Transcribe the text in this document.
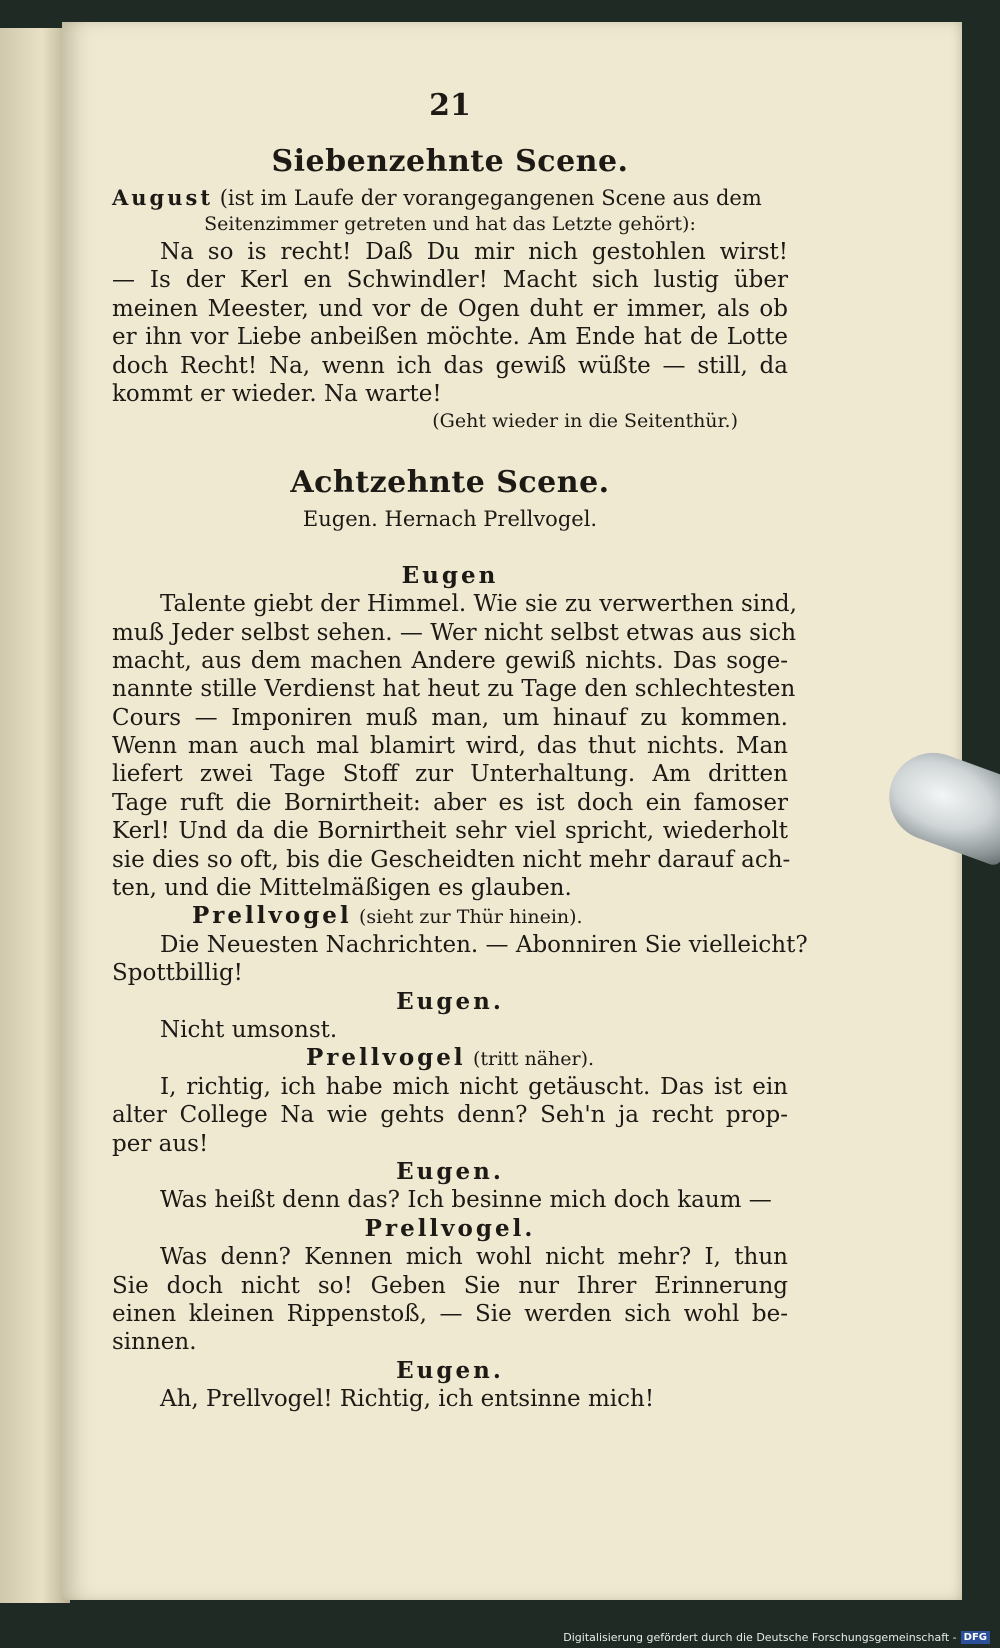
21
Siebenzehnte Scene.
August (ist im Laufe der vorangegangenen Scene aus dem
Seitenzimmer getreten und hat das Letzte gehört):
Na so is recht! Daß Du mir nich gestohlen wirst!
— Is der Kerl en Schwindler! Macht sich lustig über
meinen Meester, und vor de Ogen duht er immer, als ob
er ihn vor Liebe anbeißen möchte. Am Ende hat de Lotte
doch Recht! Na, wenn ich das gewiß wüßte — still, da
kommt er wieder. Na warte!
(Geht wieder in die Seitenthür.)
Achtzehnte Scene.
Eugen. Hernach Prellvogel.
Eugen
Talente giebt der Himmel. Wie sie zu verwerthen sind,
muß Jeder selbst sehen. — Wer nicht selbst etwas aus sich
macht, aus dem machen Andere gewiß nichts. Das soge-
nannte stille Verdienst hat heut zu Tage den schlechtesten
Cours — Imponiren muß man, um hinauf zu kommen.
Wenn man auch mal blamirt wird, das thut nichts. Man
liefert zwei Tage Stoff zur Unterhaltung. Am dritten
Tage ruft die Bornirtheit: aber es ist doch ein famoser
Kerl! Und da die Bornirtheit sehr viel spricht, wiederholt
sie dies so oft, bis die Gescheidten nicht mehr darauf ach-
ten, und die Mittelmäßigen es glauben.
Prellvogel (sieht zur Thür hinein).
Die Neuesten Nachrichten. — Abonniren Sie vielleicht?
Spottbillig!
Eugen.
Nicht umsonst.
Prellvogel (tritt näher).
I, richtig, ich habe mich nicht getäuscht. Das ist ein
alter College Na wie gehts denn? Seh'n ja recht prop-
per aus!
Eugen.
Was heißt denn das? Ich besinne mich doch kaum —
Prellvogel.
Was denn? Kennen mich wohl nicht mehr? I, thun
Sie doch nicht so! Geben Sie nur Ihrer Erinnerung
einen kleinen Rippenstoß, — Sie werden sich wohl be-
sinnen.
Eugen.
Ah, Prellvogel! Richtig, ich entsinne mich!
Digitalisierung gefördert durch die Deutsche Forschungsgemeinschaft - DFG
